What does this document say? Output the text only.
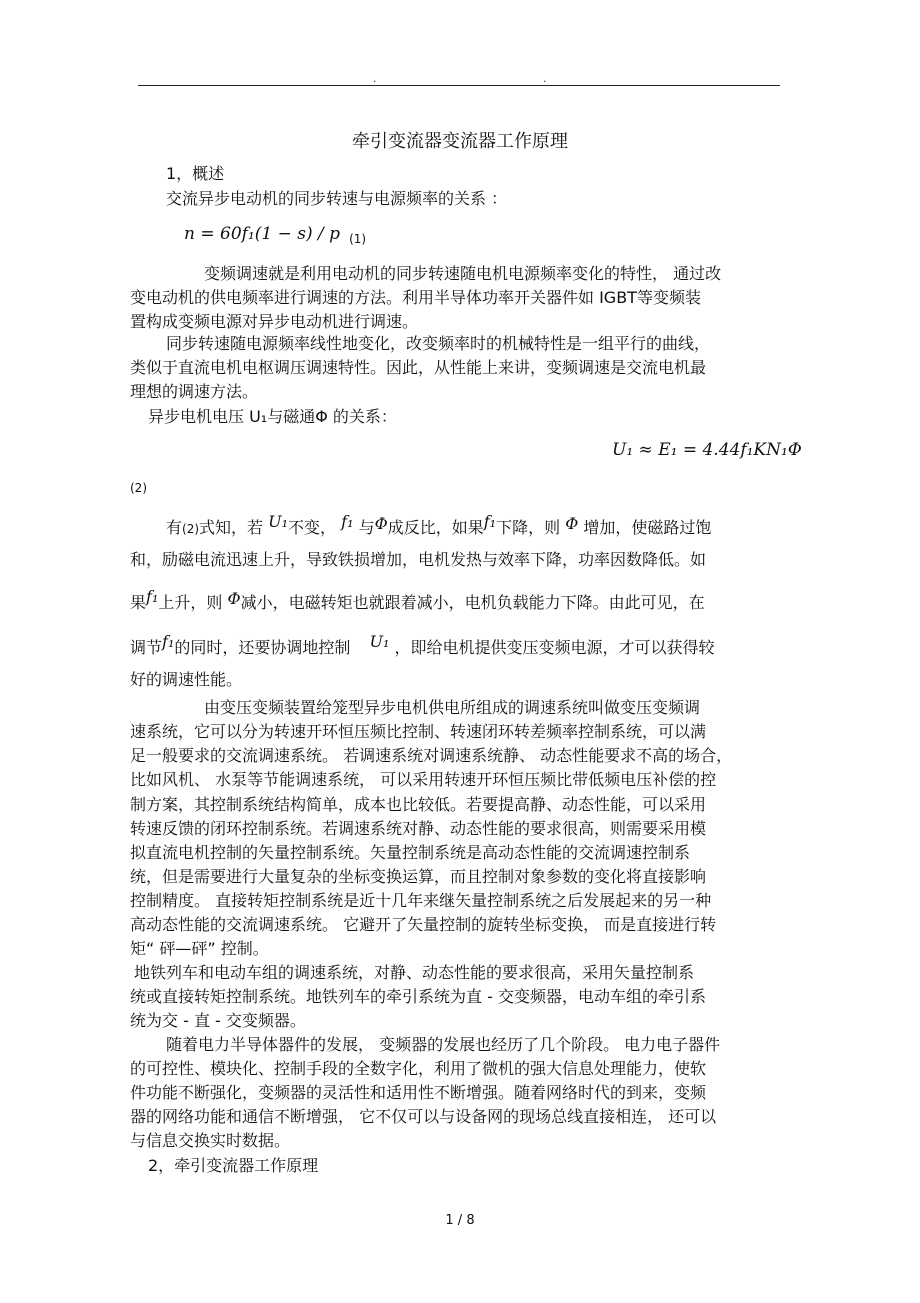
.	.
牵引变流器变流器工作原理
1，概述
交流异步电动机的同步转速与电源频率的关系 ：
n = 60f₁(1 − s) / p $_{(1)}$
变频调速就是利用电动机的同步转速随电机电源频率变化的特性， 通过改
变电动机的供电频率进行调速的方法。利用半导体功率开关器件如 IGBT等变频装
置构成变频电源对异步电动机进行调速。
同步转速随电源频率线性地变化，改变频率时的机械特性是一组平行的曲线，
类似于直流电机电枢调压调速特性。因此，从性能上来讲，变频调速是交流电机最
理想的调速方法。
异步电机电压 U₁与磁通Φ 的关系：
U₁ ≈ E₁ = 4.44f₁KN₁Φ
(2)
有(2)式知，若 U₁不变， f₁ 与Φ成反比，如果f₁下降，则 Φ 增加，使磁路过饱
和，励磁电流迅速上升，导致铁损增加，电机发热与效率下降，功率因数降低。如
果f₁上升，则 Φ减小，电磁转矩也就跟着减小，电机负载能力下降。由此可见，在
调节f₁的同时，还要协调地控制 U₁ ，即给电机提供变压变频电源，才可以获得较
好的调速性能。
由变压变频装置给笼型异步电机供电所组成的调速系统叫做变压变频调
速系统，它可以分为转速开环恒压频比控制、转速闭环转差频率控制系统，可以满
足一般要求的交流调速系统。 若调速系统对调速系统静、 动态性能要求不高的场合，
比如风机、 水泵等节能调速系统， 可以采用转速开环恒压频比带低频电压补偿的控
制方案，其控制系统结构简单，成本也比较低。若要提高静、动态性能，可以采用
转速反馈的闭环控制系统。若调速系统对静、动态性能的要求很高，则需要采用模
拟直流电机控制的矢量控制系统。矢量控制系统是高动态性能的交流调速控制系
统，但是需要进行大量复杂的坐标变换运算，而且控制对象参数的变化将直接影响
控制精度。 直接转矩控制系统是近十几年来继矢量控制系统之后发展起来的另一种
高动态性能的交流调速系统。 它避开了矢量控制的旋转坐标变换， 而是直接进行转
矩“ 砰—砰” 控制。
地铁列车和电动车组的调速系统，对静、动态性能的要求很高，采用矢量控制系
统或直接转矩控制系统。地铁列车的牵引系统为直 - 交变频器，电动车组的牵引系
统为交 - 直 - 交变频器。
随着电力半导体器件的发展， 变频器的发展也经历了几个阶段。 电力电子器件
的可控性、模块化、控制手段的全数字化，利用了微机的强大信息处理能力，使软
件功能不断强化，变频器的灵活性和适用性不断增强。随着网络时代的到来，变频
器的网络功能和通信不断增强， 它不仅可以与设备网的现场总线直接相连， 还可以
与信息交换实时数据。
2，牵引变流器工作原理
1 / 8
